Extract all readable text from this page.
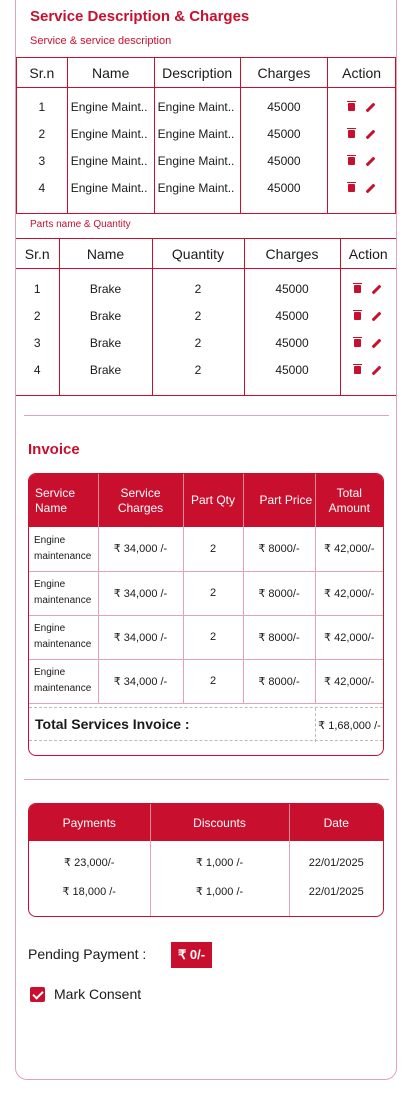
Service Description & Charges
Service & service description
Sr.n	Name	Description	Charges	Action

1	Engine Maint..	Engine Maint..	45000	

2	Engine Maint..	Engine Maint..	45000	

3	Engine Maint..	Engine Maint..	45000	

4	Engine Maint..	Engine Maint..	45000	

Parts name & Quantity
Sr.n	Name	Quantity	Charges	Action

1	Brake	2	45000	

2	Brake	2	45000	

3	Brake	2	45000	

4	Brake	2	45000	

Invoice
Service Name	Service Charges	Part Qty	Part Price	Total Amount
Engine maintenance	₹ 34,000 /-	2	₹ 8000/-	₹ 42,000/-
Engine maintenance	₹ 34,000 /-	2	₹ 8000/-	₹ 42,000/-
Engine maintenance	₹ 34,000 /-	2	₹ 8000/-	₹ 42,000/-
Engine maintenance	₹ 34,000 /-	2	₹ 8000/-	₹ 42,000/-
Total Services Invoice :	₹ 1,68,000 /-
Payments	Discounts	Date

₹ 23,000/-	₹ 1,000 /-	22/01/2025
₹ 18,000 /-	₹ 1,000 /-	22/01/2025

Pending Payment :	₹ 0/-
Mark Consent
